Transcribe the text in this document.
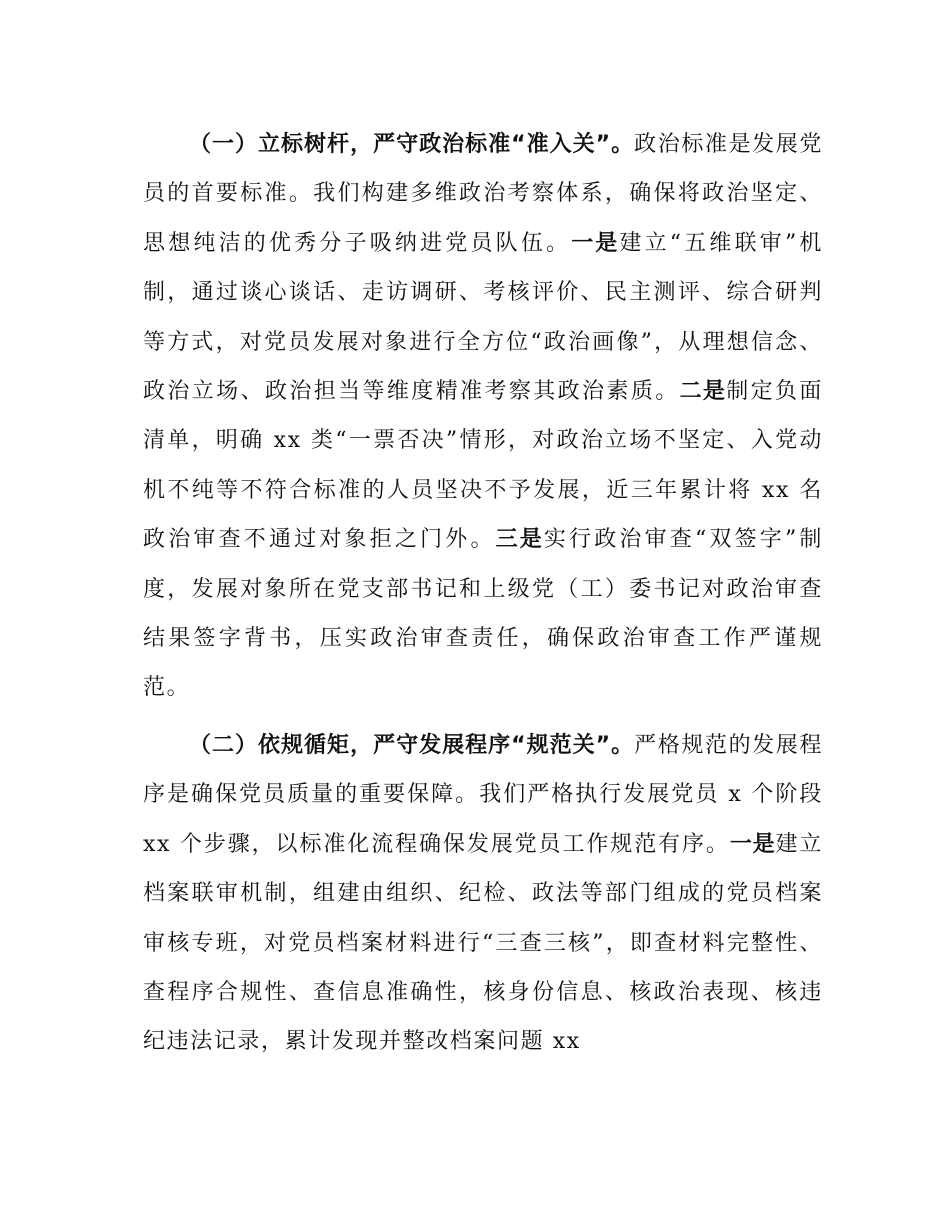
（一）立标树杆，严守政治标准“准入关”。政治标准是发展党员的首要标准。我们构建多维政治考察体系，确保将政治坚定、思想纯洁的优秀分子吸纳进党员队伍。一是建立“五维联审”机制，通过谈心谈话、走访调研、考核评价、民主测评、综合研判等方式，对党员发展对象进行全方位“政治画像”，从理想信念、政治立场、政治担当等维度精准考察其政治素质。二是制定负面清单，明确 xx 类“一票否决”情形，对政治立场不坚定、入党动机不纯等不符合标准的人员坚决不予发展，近三年累计将 xx 名政治审查不通过对象拒之门外。三是实行政治审查“双签字”制度，发展对象所在党支部书记和上级党（工）委书记对政治审查结果签字背书，压实政治审查责任，确保政治审查工作严谨规范。

（二）依规循矩，严守发展程序“规范关”。严格规范的发展程序是确保党员质量的重要保障。我们严格执行发展党员 x 个阶段 xx 个步骤，以标准化流程确保发展党员工作规范有序。一是建立档案联审机制，组建由组织、纪检、政法等部门组成的党员档案审核专班，对党员档案材料进行“三查三核”，即查材料完整性、查程序合规性、查信息准确性，核身份信息、核政治表现、核违纪违法记录，累计发现并整改档案问题 xx
